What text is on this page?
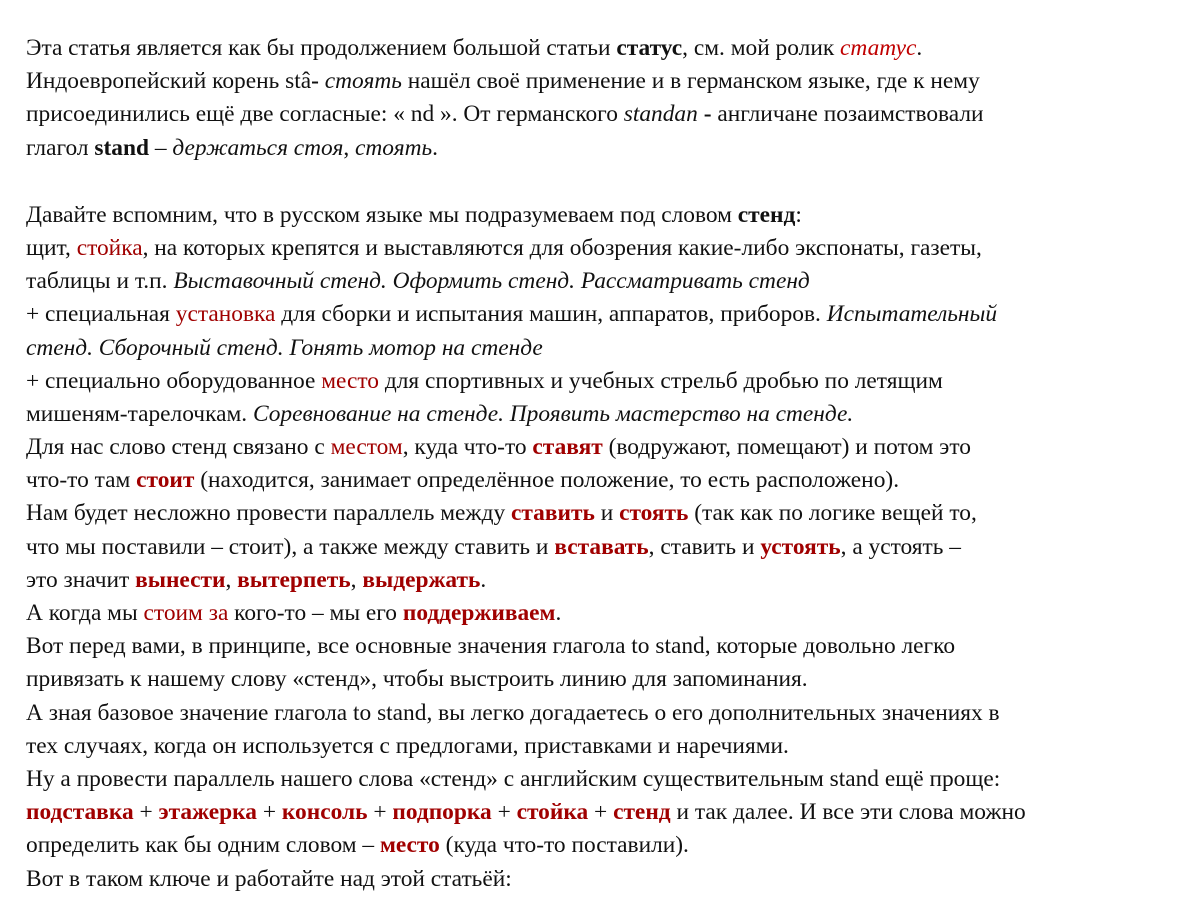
Эта статья является как бы продолжением большой статьи статус, см. мой ролик статус.
Индоевропейский корень stâ- стоять нашёл своё применение и в германском языке, где к нему
присоединились ещё две согласные: « nd ». От германского standan - англичане позаимствовали
глагол stand – держаться стоя, стоять.
Давайте вспомним, что в русском языке мы подразумеваем под словом стенд:
щит, стойка, на которых крепятся и выставляются для обозрения какие-либо экспонаты, газеты,
таблицы и т.п. Выставочный стенд. Оформить стенд. Рассматривать стенд
+ специальная установка для сборки и испытания машин, аппаратов, приборов. Испытательный
стенд. Сборочный стенд. Гонять мотор на стенде
+ специально оборудованное место для спортивных и учебных стрельб дробью по летящим
мишеням-тарелочкам. Соревнование на стенде. Проявить мастерство на стенде.
Для нас слово стенд связано с местом, куда что-то ставят (водружают, помещают) и потом это
что-то там стоит (находится, занимает определённое положение, то есть расположено).
Нам будет несложно провести параллель между ставить и стоять (так как по логике вещей то,
что мы поставили – стоит), а также между ставить и вставать, ставить и устоять, а устоять –
это значит вынести, вытерпеть, выдержать.
А когда мы стоим за кого-то – мы его поддерживаем.
Вот перед вами, в принципе, все основные значения глагола to stand, которые довольно легко
привязать к нашему слову «стенд», чтобы выстроить линию для запоминания.
А зная базовое значение глагола to stand, вы легко догадаетесь о его дополнительных значениях в
тех случаях, когда он используется с предлогами, приставками и наречиями.
Ну а провести параллель нашего слова «стенд» с английским существительным stand ещё проще:
подставка + этажерка + консоль + подпорка + стойка + стенд и так далее. И все эти слова можно
определить как бы одним словом – место (куда что-то поставили).
Вот в таком ключе и работайте над этой статьёй:
